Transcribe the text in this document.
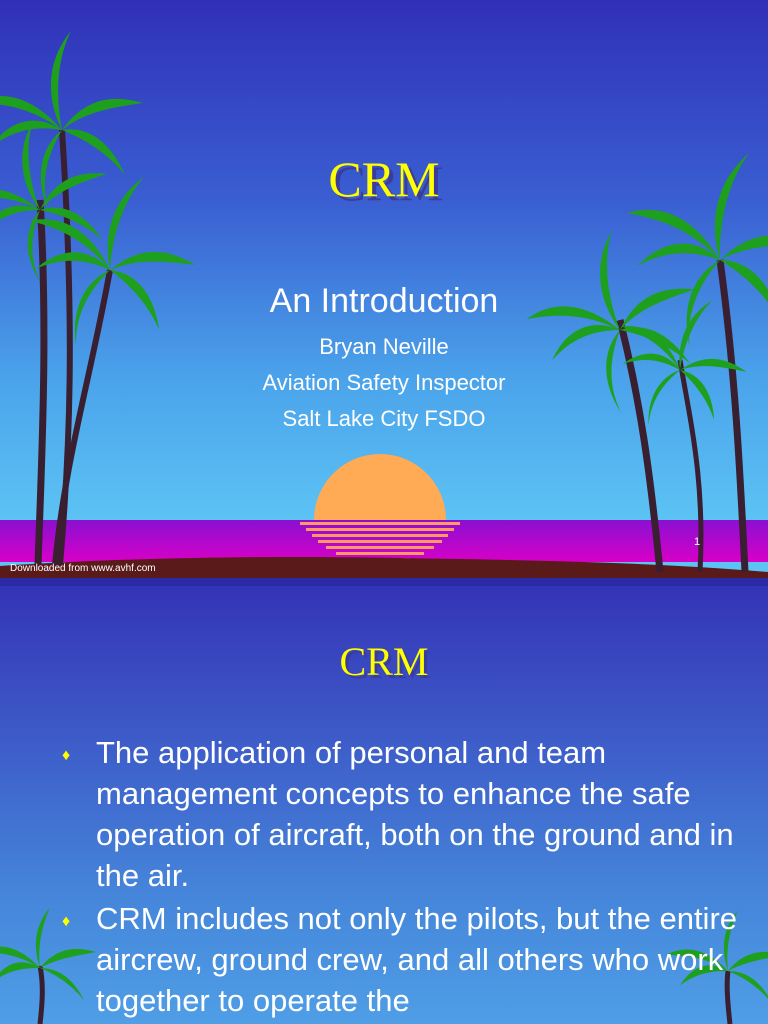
CRM
An Introduction
Bryan Neville
Aviation Safety Inspector
Salt Lake City FSDO
1
Downloaded from www.avhf.com
CRM
♦ The application of personal and team management concepts to enhance the safe operation of aircraft, both on the ground and in the air.
♦ CRM includes not only the pilots, but the entire aircrew, ground crew, and all others who work together to operate the
